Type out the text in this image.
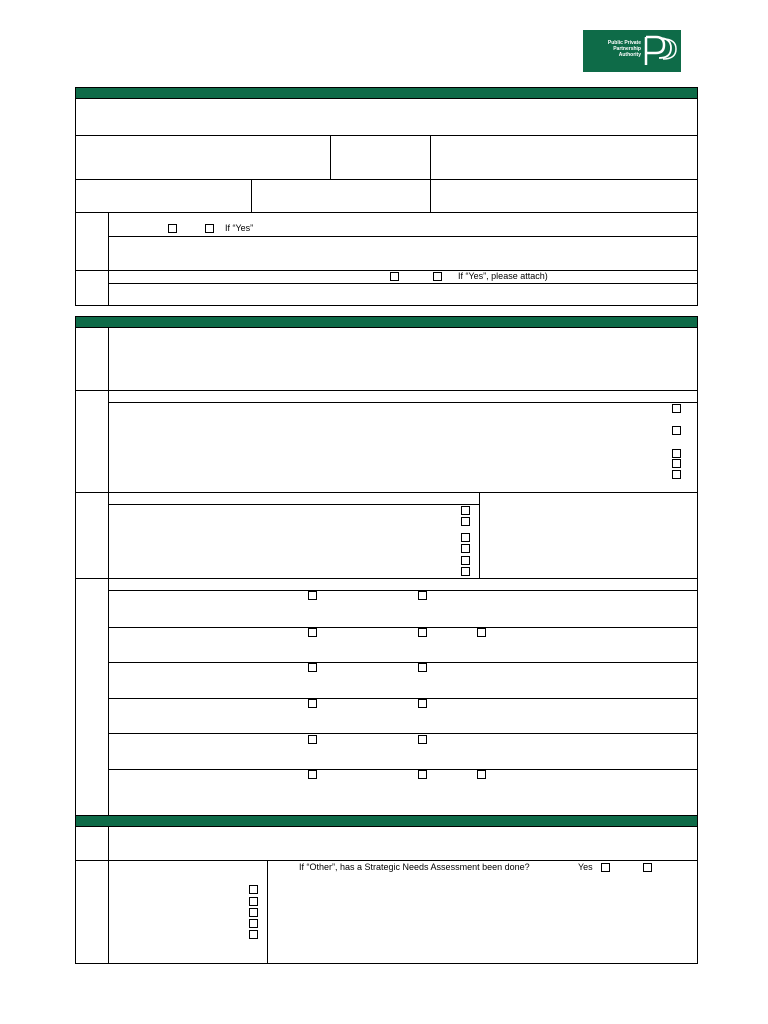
Public Private
Partnership
Authority
If “Yes”
If “Yes”, please attach)
If “Other”, has a Strategic Needs Assessment been done?	Yes
